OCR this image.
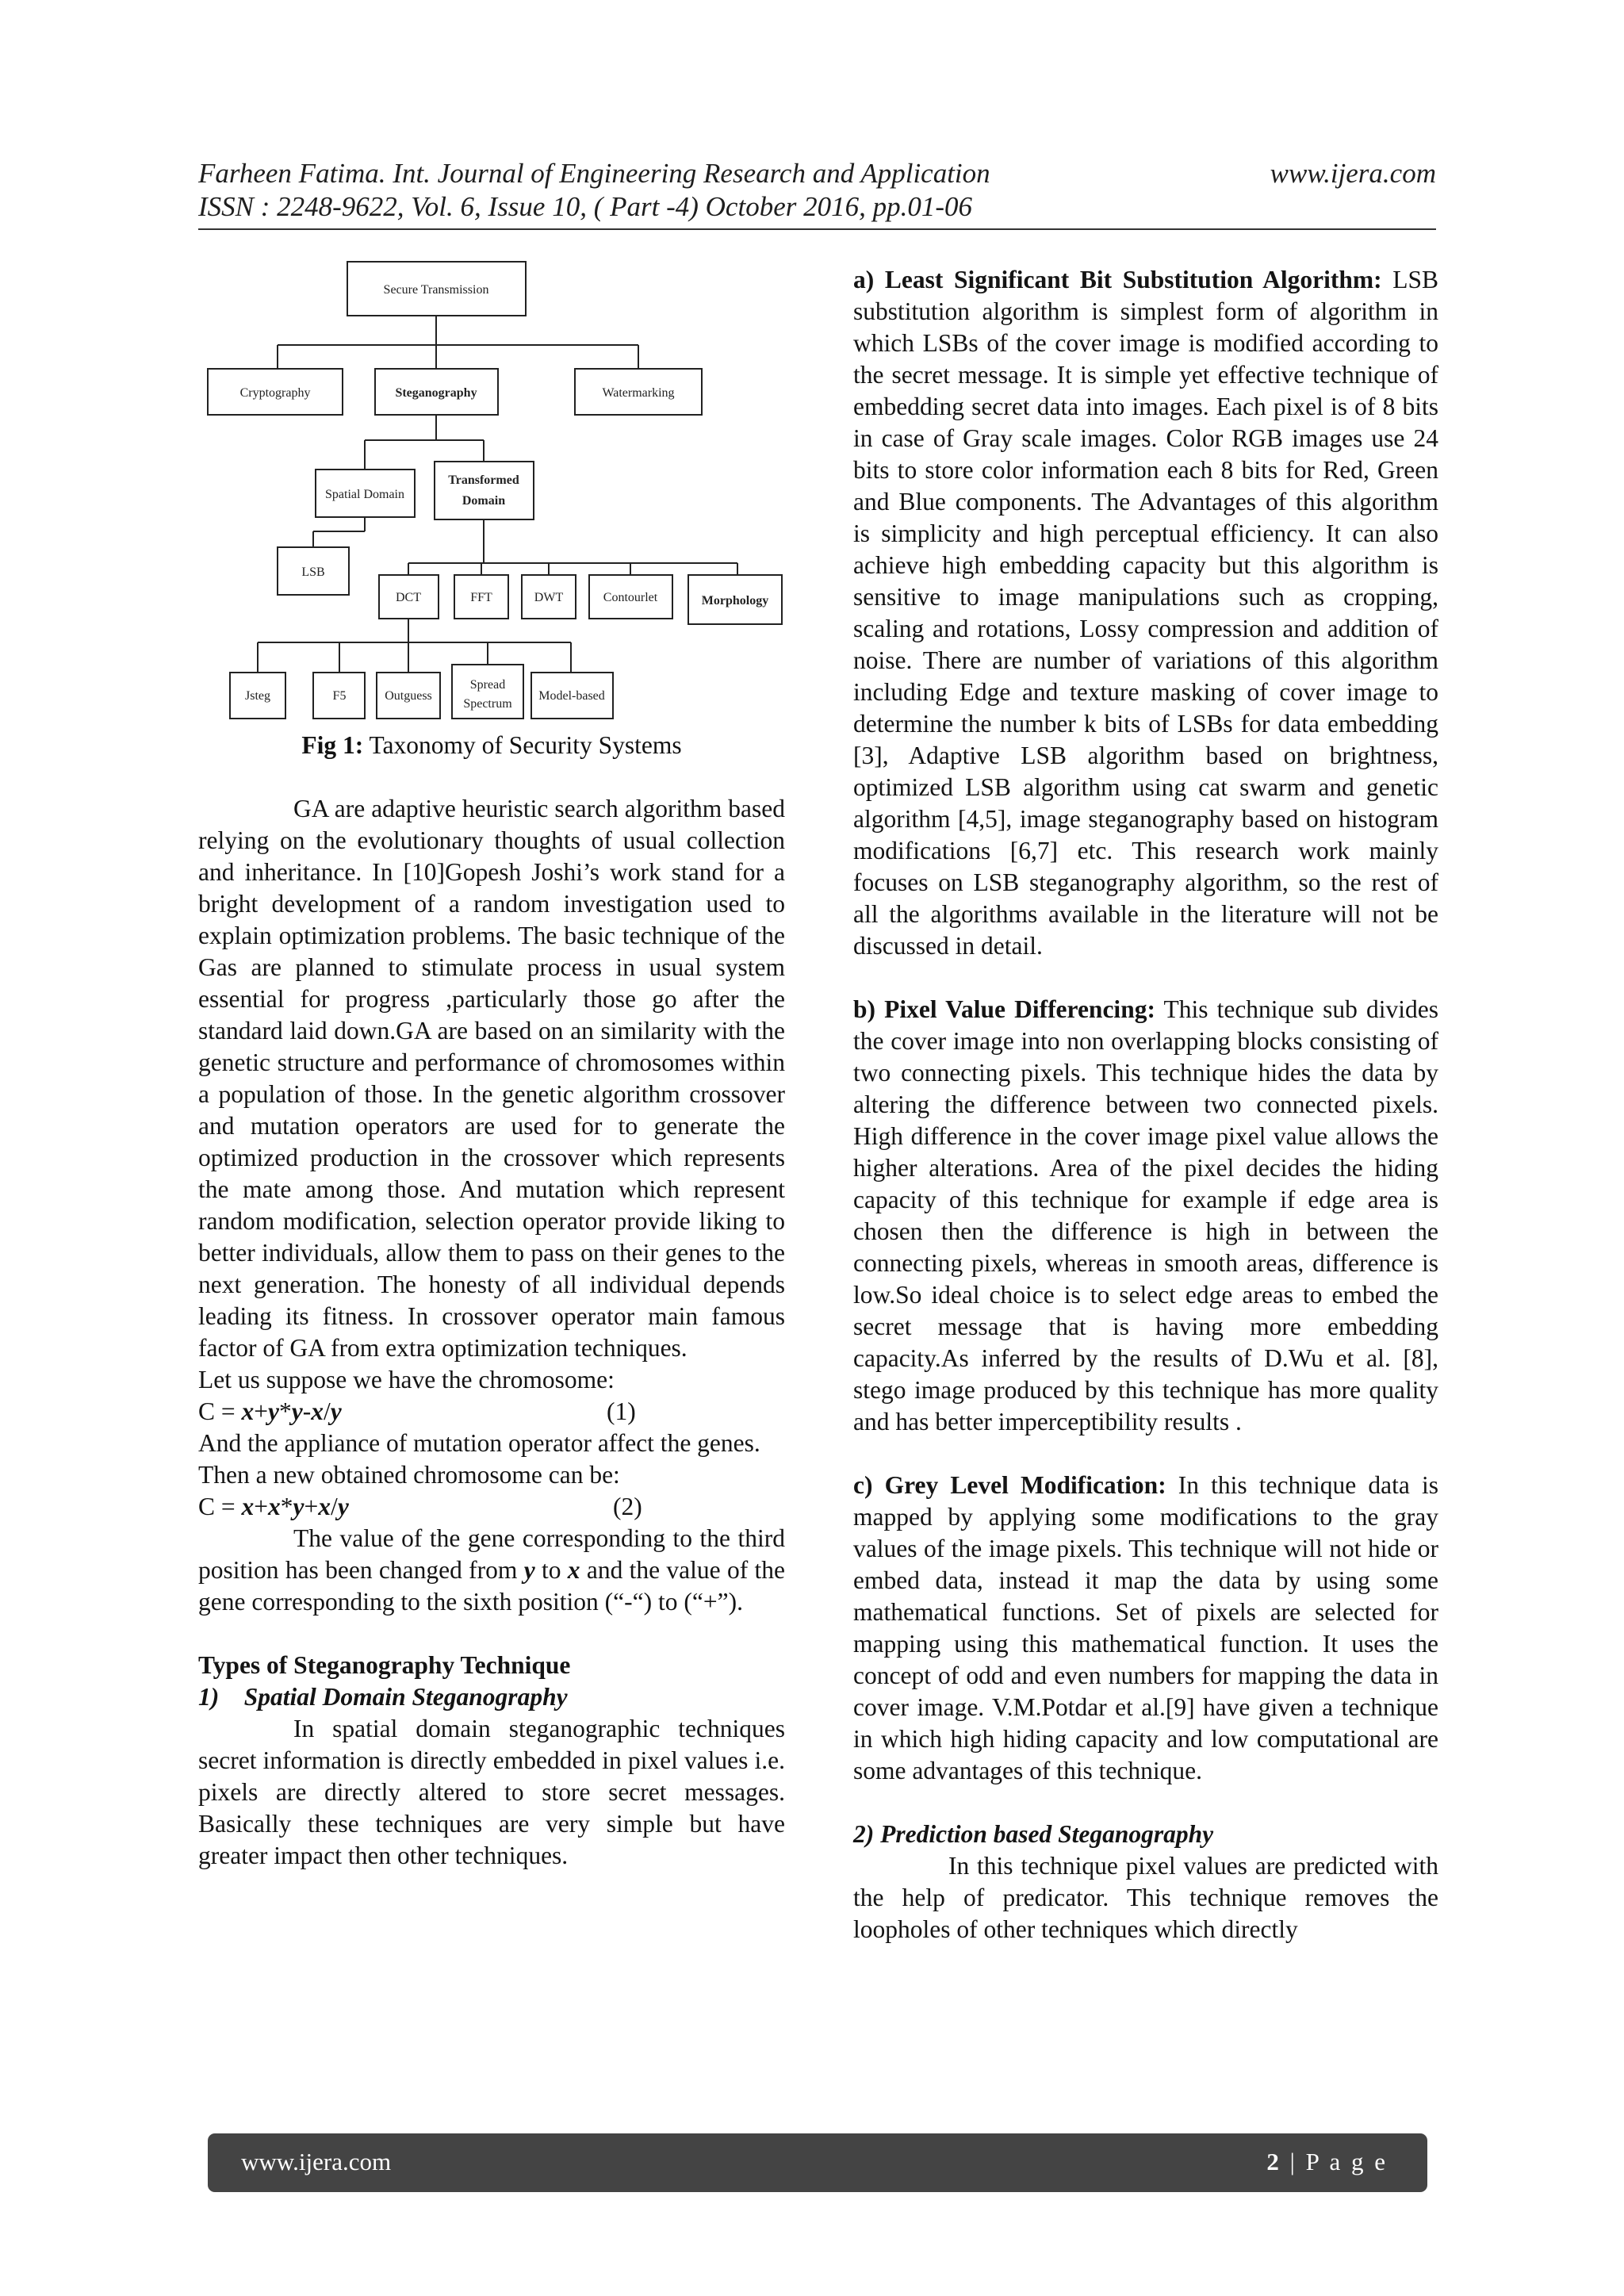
Farheen Fatima. Int. Journal of Engineering Research and Application	www.ijera.com
ISSN : 2248-9622, Vol. 6, Issue 10, ( Part -4) October 2016, pp.01-06
Secure Transmission
Cryptography	Steganography	Watermarking
Spatial Domain
Transformed
Domain
LSB
DCT	FFT	DWT	Contourlet	Morphology
Jsteg	F5	Outguess
Spread
Spectrum
Model-based
Fig 1: Taxonomy of Security Systems

GA are adaptive heuristic search algorithm based relying on the evolutionary thoughts of usual collection and inheritance. In [10]Gopesh Joshi’s work stand for a bright development of a random investigation used to explain optimization problems. The basic technique of the Gas are planned to stimulate process in usual system essential for progress ,particularly those go after the standard laid down.GA are based on an similarity with the genetic structure and performance of chromosomes within a population of those. In the genetic algorithm crossover and mutation operators are used for to generate the optimized production in the crossover which represents the mate among those. And mutation which represent random modification, selection operator provide liking to better individuals, allow them to pass on their genes to the next generation. The honesty of all individual depends leading its fitness. In crossover operator main famous factor of GA from extra optimization techniques.

Let us suppose we have the chromosome:

C = x+y*y-x/y	(1)

And the appliance of mutation operator affect the genes.

Then a new obtained chromosome can be:

C = x+x*y+x/y	(2)

The value of the gene corresponding to the third position has been changed from y to x and the value of the gene corresponding to the sixth position (“-“) to (“+”).

Types of Steganography Technique

1)    Spatial Domain Steganography

In spatial domain steganographic techniques secret information is directly embedded in pixel values i.e. pixels are directly altered to store secret messages. Basically these techniques are very simple but have greater impact then other techniques.

a) Least Significant Bit Substitution Algorithm: LSB substitution algorithm is simplest form of algorithm in which LSBs of the cover image is modified according to the secret message. It is simple yet effective technique of embedding secret data into images. Each pixel is of 8 bits in case of Gray scale images. Color RGB images use 24 bits to store color information each 8 bits for Red, Green and Blue components. The Advantages of this algorithm is simplicity and high perceptual efficiency. It can also achieve high embedding capacity but this algorithm is sensitive to image manipulations such as cropping, scaling and rotations, Lossy compression and addition of noise. There are number of variations of this algorithm including Edge and texture masking of cover image to determine the number k bits of LSBs for data embedding [3], Adaptive LSB algorithm based on brightness, optimized LSB algorithm using cat swarm and genetic algorithm [4,5], image steganography based on histogram modifications [6,7] etc. This research work mainly focuses on LSB steganography algorithm, so the rest of all the algorithms available in the literature will not be discussed in detail.

b) Pixel Value Differencing: This technique sub divides the cover image into non overlapping blocks consisting of two connecting pixels. This technique hides the data by altering the difference between two connected pixels. High difference in the cover image pixel value allows the higher alterations. Area of the pixel decides the hiding capacity of this technique for example if edge area is chosen then the difference is high in between the connecting pixels, whereas in smooth areas, difference is low.So ideal choice is to select edge areas to embed the secret message that is having more embedding capacity.As inferred by the results of D.Wu et al. [8], stego image produced by this technique has more quality and has better imperceptibility results .

c) Grey Level Modification: In this technique data is mapped by applying some modifications to the gray values of the image pixels. This technique will not hide or embed data, instead it map the data by using some mathematical functions. Set of pixels are selected for mapping using this mathematical function. It uses the concept of odd and even numbers for mapping the data in cover image. V.M.Potdar et al.[9] have given a technique in which high hiding capacity and low computational are some advantages of this technique.

2) Prediction based Steganography

In this technique pixel values are predicted with the help of predicator. This technique removes the loopholes of other techniques which directly

www.ijera.com	2 | P a g e
